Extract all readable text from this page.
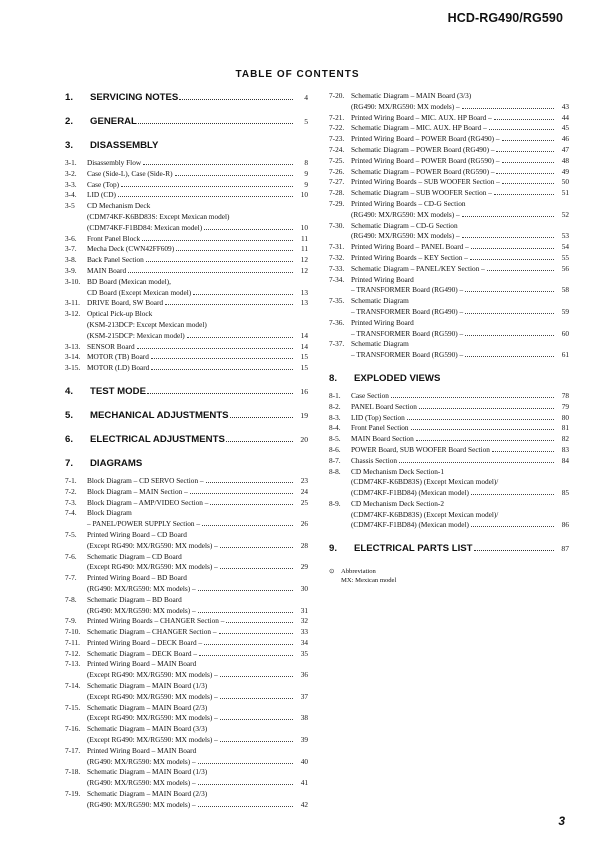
HCD-RG490/RG590
TABLE OF CONTENTS
1.	SERVICING NOTES	4
2.	GENERAL	5
3.	DISASSEMBLY
3-1.	Disassembly Flow	8
3-2.	Case (Side-L), Case (Side-R)	9
3-3.	Case (Top)	9
3-4.	LID (CD)	10
3-5	CD Mechanism Deck
(CDM74KF-K6BD83S: Except Mexican model)
(CDM74KF-F1BD84: Mexican model)	10
3-6.	Front Panel Block	11
3-7.	Mecha Deck (CWN42FF609)	11
3-8.	Back Panel Section	12
3-9.	MAIN Board	12
3-10. BD Board (Mexican model),
CD Board (Except Mexican model)	13
3-11. DRIVE Board, SW Board	13
3-12. Optical Pick-up Block
(KSM-213DCP: Except Mexican model)
(KSM-215DCP: Mexican model)	14
3-13. SENSOR Board	14
3-14. MOTOR (TB) Board	15
3-15. MOTOR (LD) Board	15
4.	TEST MODE	16
5.	MECHANICAL ADJUSTMENTS	19
6.	ELECTRICAL ADJUSTMENTS	20
7.	DIAGRAMS
7-1.	Block Diagram – CD SERVO Section –	23
7-2.	Block Diagram – MAIN Section –	24
7-3.	Block Diagram – AMP/VIDEO Section –	25
7-4.	Block Diagram
– PANEL/POWER SUPPLY Section –	26
7-5.	Printed Wiring Board – CD Board
(Except RG490: MX/RG590: MX models) –	28
7-6.	Schematic Diagram – CD Board
(Except RG490: MX/RG590: MX models) –	29
7-7.	Printed Wiring Board – BD Board
(RG490: MX/RG590: MX models) –	30
7-8.	Schematic Diagram – BD Board
(RG490: MX/RG590: MX models) –	31
7-9.	Printed Wiring Boards – CHANGER Section –	32
7-10. Schematic Diagram – CHANGER Section –	33
7-11. Printed Wiring Board – DECK Board –	34
7-12. Schematic Diagram – DECK Board –	35
7-13. Printed Wiring Board – MAIN Board
(Except RG490: MX/RG590: MX models) –	36
7-14. Schematic Diagram – MAIN Board (1/3)
(Except RG490: MX/RG590: MX models) –	37
7-15. Schematic Diagram – MAIN Board (2/3)
(Except RG490: MX/RG590: MX models) –	38
7-16. Schematic Diagram – MAIN Board (3/3)
(Except RG490: MX/RG590: MX models) –	39
7-17. Printed Wiring Board – MAIN Board
(RG490: MX/RG590: MX models) –	40
7-18. Schematic Diagram – MAIN Board (1/3)
(RG490: MX/RG590: MX models) –	41
7-19. Schematic Diagram – MAIN Board (2/3)
(RG490: MX/RG590: MX models) –	42
7-20. Schematic Diagram – MAIN Board (3/3)
(RG490: MX/RG590: MX models) –	43
7-21. Printed Wiring Board – MIC. AUX. HP Board –	44
7-22. Schematic Diagram – MIC. AUX. HP Board –	45
7-23. Printed Wiring Board – POWER Board (RG490) –	46
7-24. Schematic Diagram – POWER Board (RG490) –	47
7-25. Printed Wiring Board – POWER Board (RG590) –	48
7-26. Schematic Diagram – POWER Board (RG590) –	49
7-27. Printed Wiring Boards – SUB WOOFER Section –	50
7-28. Schematic Diagram – SUB WOOFER Section –	51
7-29. Printed Wiring Boards – CD-G Section
(RG490: MX/RG590: MX models) –	52
7-30. Schematic Diagram – CD-G Section
(RG490: MX/RG590: MX models) –	53
7-31. Printed Wiring Board – PANEL Board –	54
7-32. Printed Wiring Boards – KEY Section –	55
7-33. Schematic Diagram – PANEL/KEY Section –	56
7-34. Printed Wiring Board
– TRANSFORMER Board (RG490) –	58
7-35. Schematic Diagram
– TRANSFORMER Board (RG490) –	59
7-36. Printed Wiring Board
– TRANSFORMER Board (RG590) –	60
7-37. Schematic Diagram
– TRANSFORMER Board (RG590) –	61
8.	EXPLODED VIEWS
8-1.	Case Section	78
8-2.	PANEL Board Section	79
8-3.	LID (Top) Section	80
8-4.	Front Panel Section	81
8-5.	MAIN Board Section	82
8-6.	POWER Board, SUB WOOFER Board Section	83
8-7.	Chassis Section	84
8-8.	CD Mechanism Deck Section-1
(CDM74KF-K6BD83S) (Except Mexican model)/
(CDM74KF-F1BD84) (Mexican model)	85
8-9.	CD Mechanism Deck Section-2
(CDM74KF-K6BD83S) (Except Mexican model)/
(CDM74KF-F1BD84) (Mexican model)	86
9.	ELECTRICAL PARTS LIST	87
⊙ Abbreviation
MX: Mexican model
3
